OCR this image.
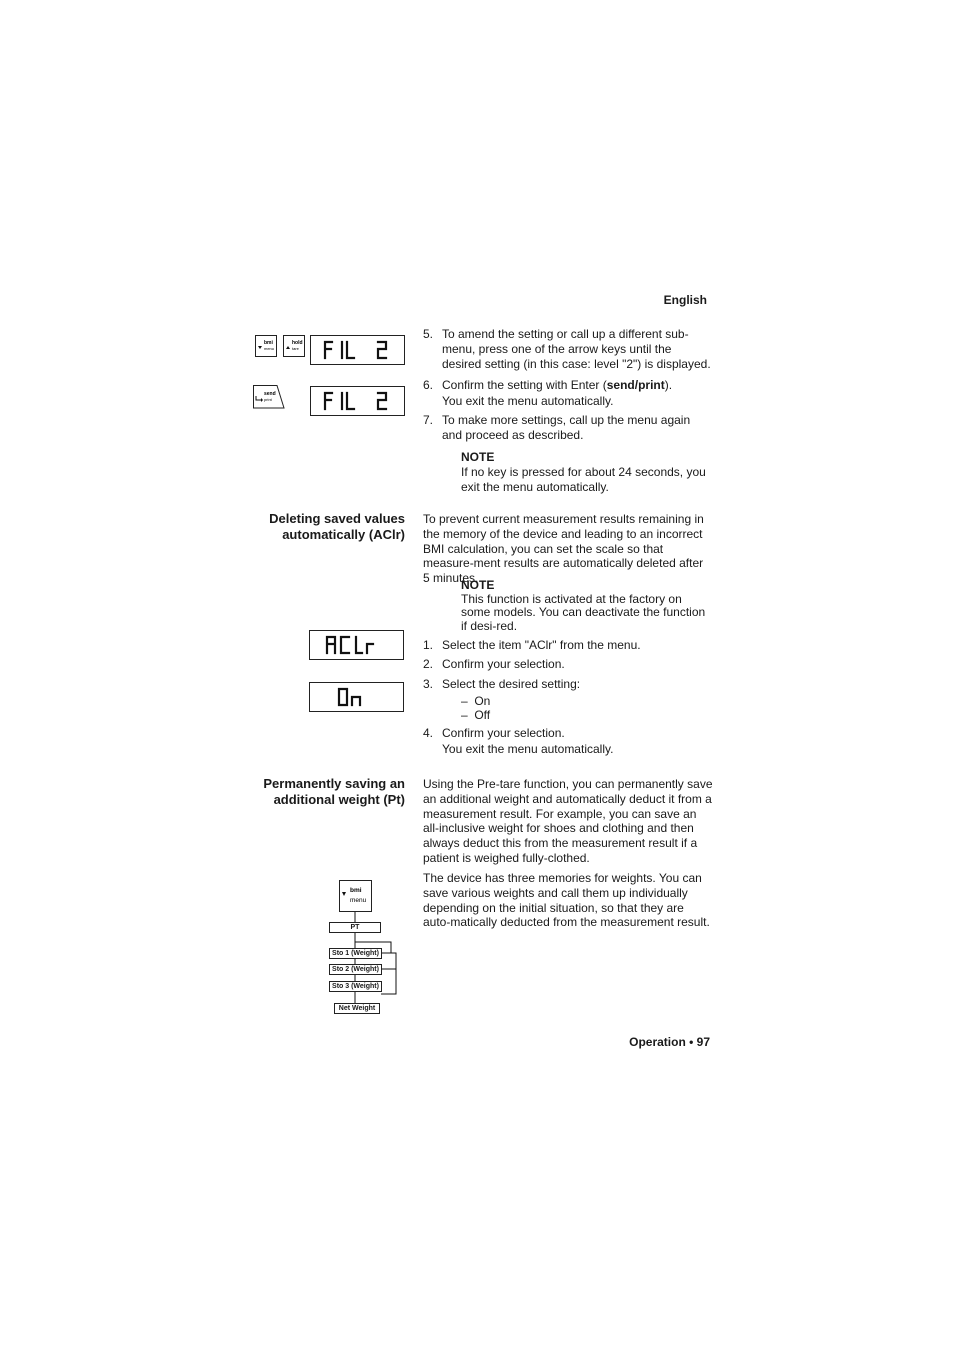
English
bmi
menu
hold
tare
send
print
5. To amend the setting or call up a different sub-menu, press one of the arrow keys until the desired setting (in this case: level "2") is displayed.
6. Confirm the setting with Enter (send/print).
You exit the menu automatically.
7. To make more settings, call up the menu again and proceed as described.
NOTE
If no key is pressed for about 24 seconds, you exit the menu automatically.
Deleting saved values
automatically (AClr)
To prevent current measurement results remaining in the memory of the device and leading to an incorrect BMI calculation, you can set the scale so that measure-ment results are automatically deleted after 5 minutes.
NOTE
This function is activated at the factory on some models. You can deactivate the function if desi-red.
1. Select the item "AClr" from the menu.
2. Confirm your selection.
3. Select the desired setting:
–  On
–  Off
4. Confirm your selection.
You exit the menu automatically.
Permanently saving an
additional weight (Pt)
Using the Pre-tare function, you can permanently save an additional weight and automatically deduct it from a measurement result. For example, you can save an all-inclusive weight for shoes and clothing and then always deduct this from the measurement result if a patient is weighed fully-clothed.
The device has three memories for weights. You can save various weights and call them up individually depending on the initial situation, so that they are auto-matically deducted from the measurement result.
bmi
menu
PT
Sto 1 (Weight)
Sto 2 (Weight)
Sto 3 (Weight)
Net Weight
Operation • 97
